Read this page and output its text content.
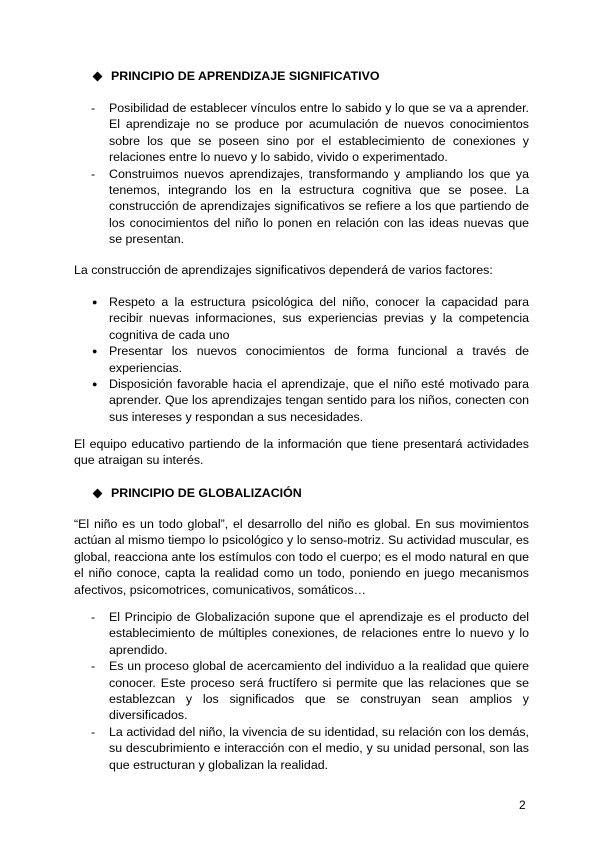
PRINCIPIO DE APRENDIZAJE SIGNIFICATIVO
- Posibilidad de establecer vínculos entre lo sabido y lo que se va a aprender. El aprendizaje no se produce por acumulación de nuevos conocimientos sobre los que se poseen sino por el establecimiento de conexiones y relaciones entre lo nuevo y lo sabido, vivido o experimentado.
- Construimos nuevos aprendizajes, transformando y ampliando los que ya tenemos, integrando los en la estructura cognitiva que se posee. La construcción de aprendizajes significativos se refiere a los que partiendo de los conocimientos del niño lo ponen en relación con las ideas nuevas que se presentan.

La construcción de aprendizajes significativos dependerá de varios factores:

● Respeto a la estructura psicológica del niño, conocer la capacidad para recibir nuevas informaciones, sus experiencias previas y la competencia cognitiva de cada uno
● Presentar los nuevos conocimientos de forma funcional a través de experiencias.
● Disposición favorable hacia el aprendizaje, que el niño esté motivado para aprender. Que los aprendizajes tengan sentido para los niños, conecten con sus intereses y respondan a sus necesidades.

El equipo educativo partiendo de la información que tiene presentará actividades que atraigan su interés.

PRINCIPIO DE GLOBALIZACIÓN

“El niño es un todo global”, el desarrollo del niño es global. En sus movimientos actúan al mismo tiempo lo psicológico y lo senso-motriz. Su actividad muscular, es global, reacciona ante los estímulos con todo el cuerpo; es el modo natural en que el niño conoce, capta la realidad como un todo, poniendo en juego mecanismos afectivos, psicomotrices, comunicativos, somáticos…

- El Principio de Globalización supone que el aprendizaje es el producto del establecimiento de múltiples conexiones, de relaciones entre lo nuevo y lo aprendido.
- Es un proceso global de acercamiento del individuo a la realidad que quiere conocer. Este proceso será fructífero si permite que las relaciones que se establezcan y los significados que se construyan sean amplios y diversificados.
- La actividad del niño, la vivencia de su identidad, su relación con los demás, su descubrimiento e interacción con el medio, y su unidad personal, son las que estructuran y globalizan la realidad.
2
